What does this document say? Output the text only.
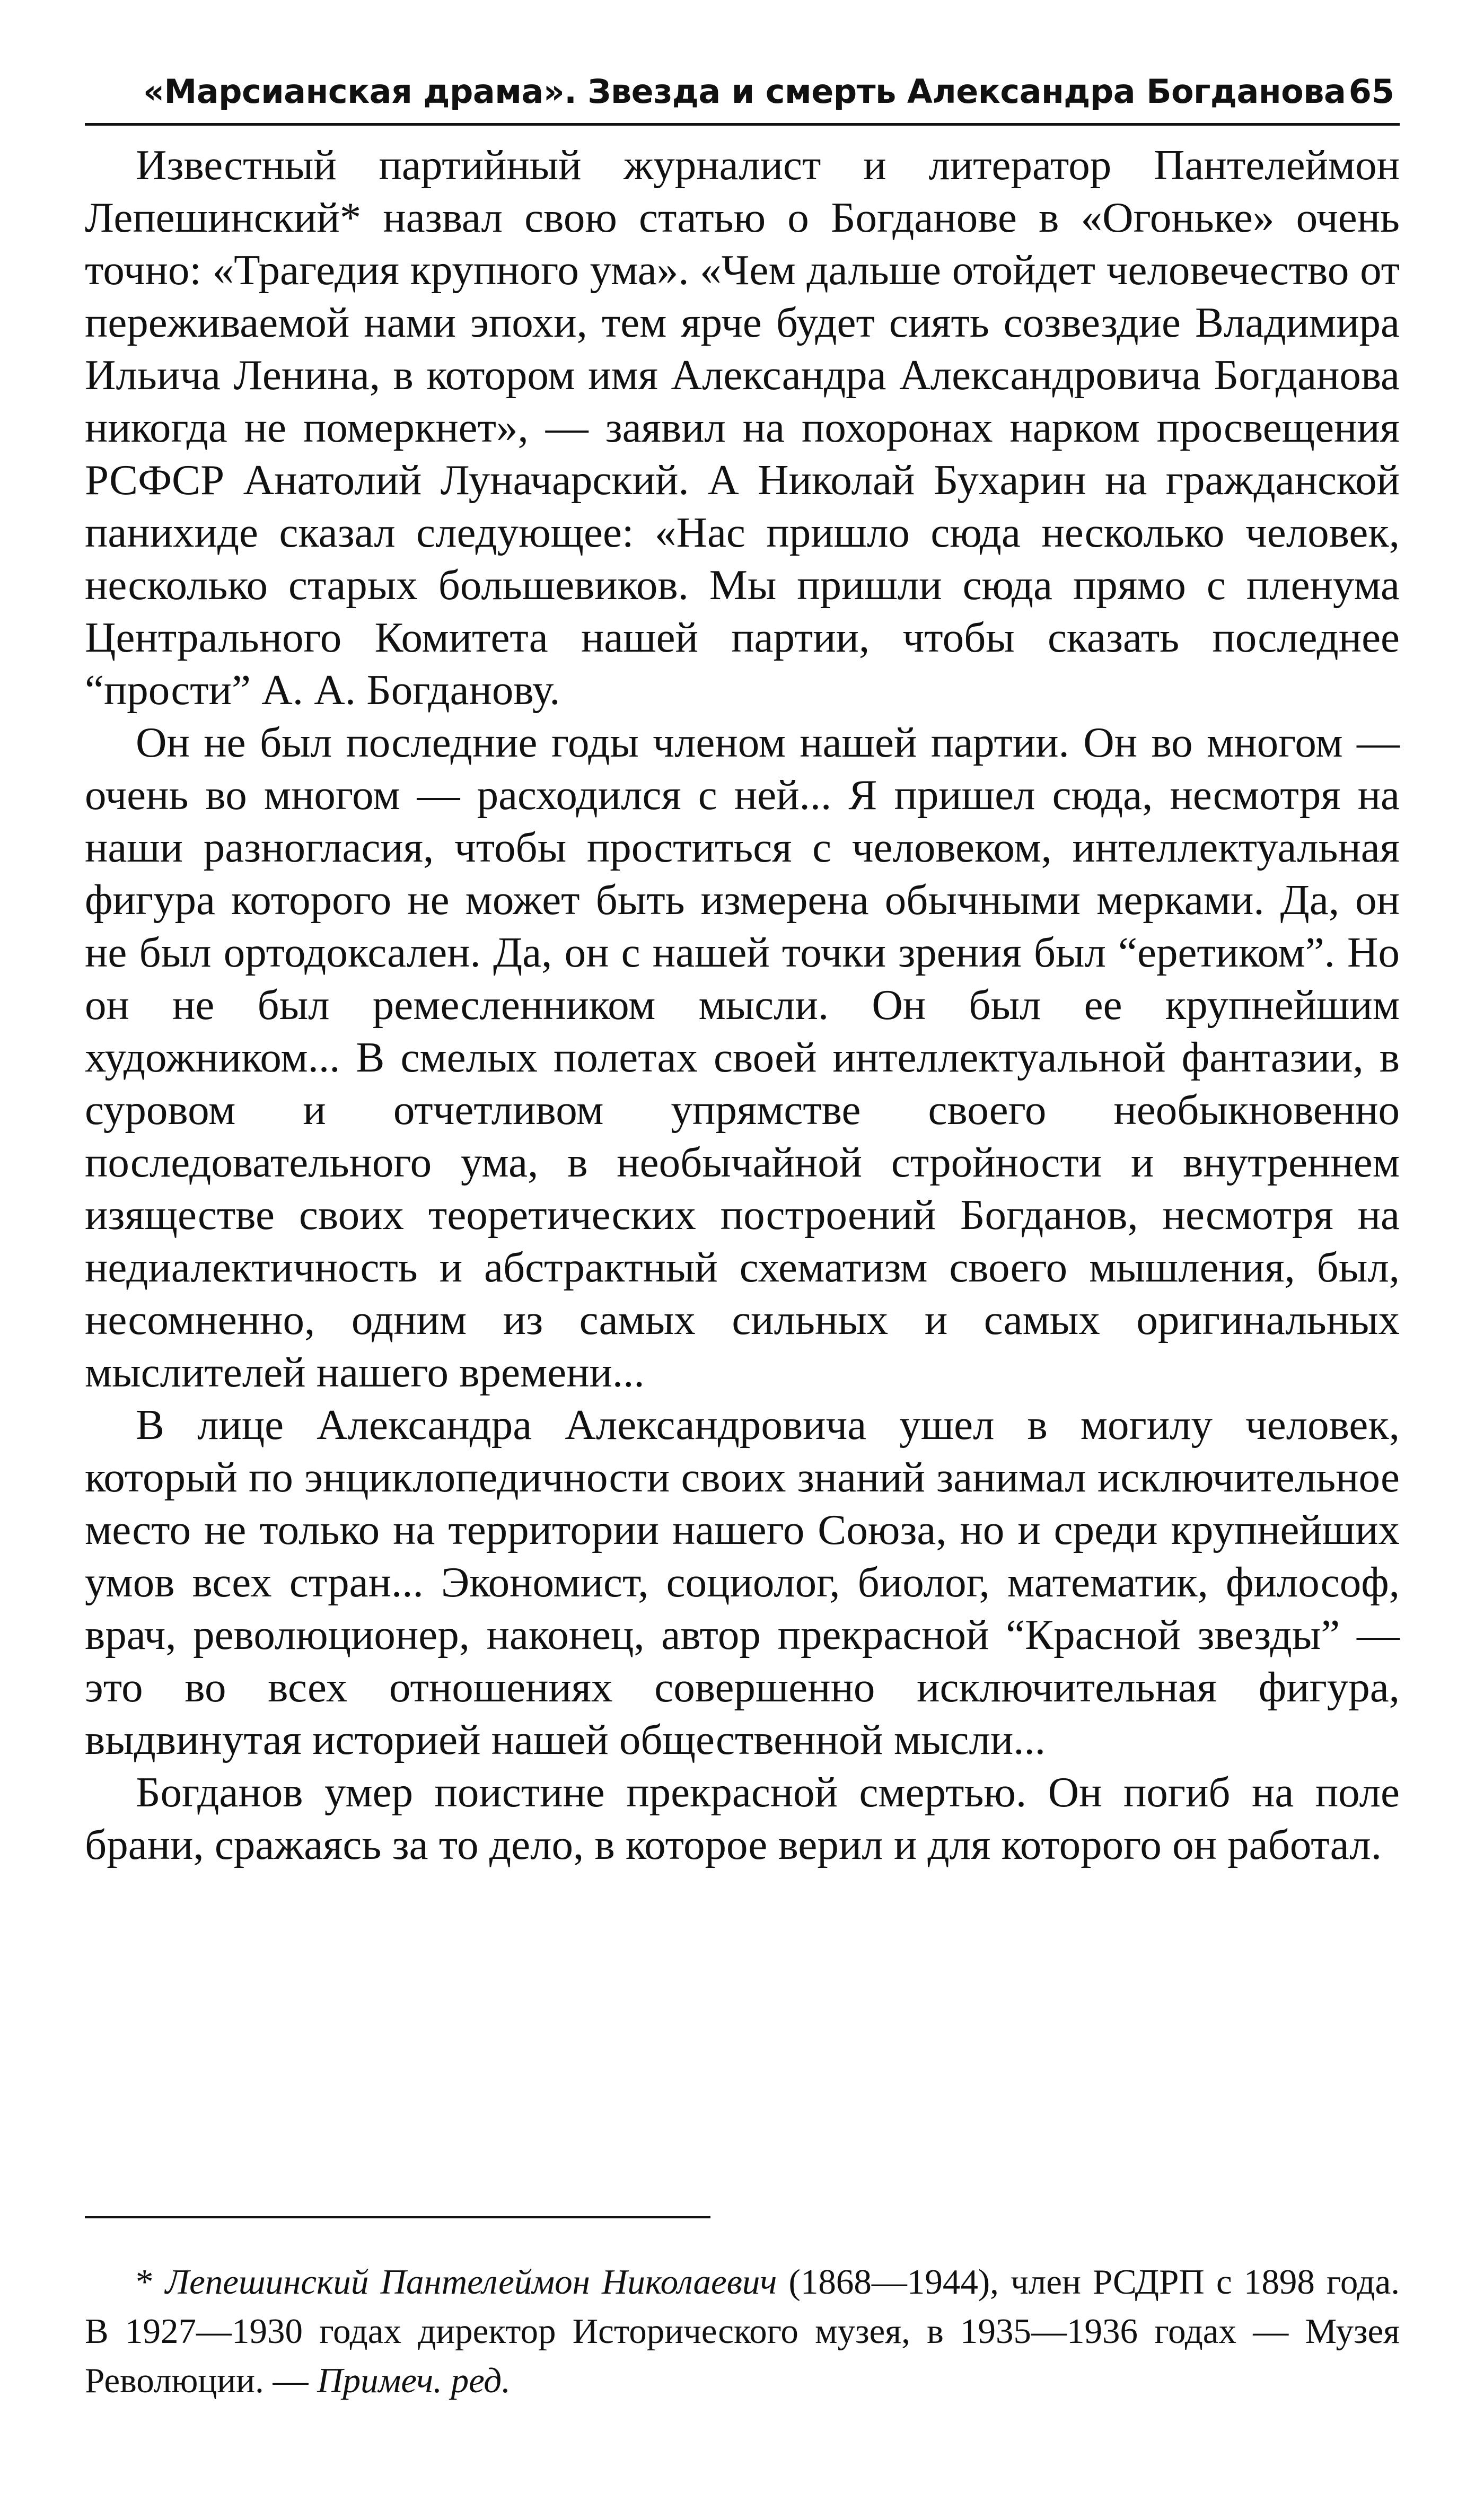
«Марсианская драма». Звезда и смерть Александра Богданова 65

Известный партийный журналист и литератор Пантелеймон Лепешинский* назвал свою статью о Богданове в «Огоньке» очень точно: «Трагедия крупного ума». «Чем дальше отойдет человечество от переживаемой нами эпохи, тем ярче будет сиять созвездие Владимира Ильича Ленина, в котором имя Александра Александровича Богданова никогда не померкнет», — заявил на похоронах нарком просвещения РСФСР Анатолий Луначарский. А Николай Бухарин на гражданской панихиде сказал следующее: «Нас пришло сюда несколько человек, несколько старых большевиков. Мы пришли сюда прямо с пленума Центрального Комитета нашей партии, чтобы сказать последнее “прости” А. А. Богданову.

Он не был последние годы членом нашей партии. Он во многом — очень во многом — расходился с ней... Я пришел сюда, несмотря на наши разногласия, чтобы проститься с человеком, интеллектуальная фигура которого не может быть измерена обычными мерками. Да, он не был ортодоксален. Да, он с нашей точки зрения был “еретиком”. Но он не был ремесленником мысли. Он был ее крупнейшим художником... В смелых полетах своей интеллектуальной фантазии, в суровом и отчетливом упрямстве своего необыкновенно последовательного ума, в необычайной стройности и внутреннем изяществе своих теоретических построений Богданов, несмотря на недиалектичность и абстрактный схематизм своего мышления, был, несомненно, одним из самых сильных и самых оригинальных мыслителей нашего времени...

В лице Александра Александровича ушел в могилу человек, который по энциклопедичности своих знаний занимал исключительное место не только на территории нашего Союза, но и среди крупнейших умов всех стран... Экономист, социолог, биолог, математик, философ, врач, революционер, наконец, автор прекрасной “Красной звезды” — это во всех отношениях совершенно исключительная фигура, выдвинутая историей нашей общественной мысли...

Богданов умер поистине прекрасной смертью. Он погиб на поле брани, сражаясь за то дело, в которое верил и для которого он работал.

* Лепешинский Пантелеймон Николаевич (1868—1944), член РСДРП с 1898 года. В 1927—1930 годах директор Исторического музея, в 1935—1936 годах — Музея Революции. — Примеч. ред.
